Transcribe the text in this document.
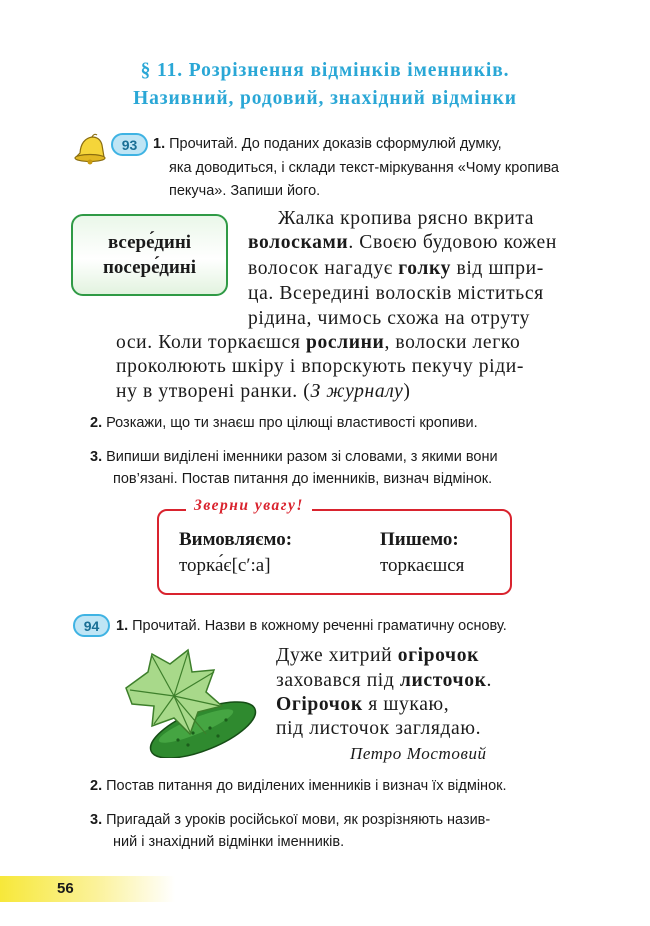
§ 11. Розрізнення відмінків іменників.
Називний, родовий, знахідний відмінки
93	1. Прочитай. До поданих доказів сформулюй думку,
яка доводиться, і склади текст-міркування «Чому кропива
пекуча». Запиши його.
всере́дині
посере́дині
Жалка кропива рясно вкрита
волосками. Своєю будовою кожен
волосок нагадує голку від шпри-
ца. Всередині волосків міститься
рідина, чимось схожа на отруту
оси. Коли торкаєшся рослини, волоски легко
проколюють шкіру і впорскують пекучу ріди-
ну в утворені ранки. (З журналу)
2. Розкажи, що ти знаєш про цілющі властивості кропиви.
3. Випиши виділені іменники разом зі словами, з якими вони
пов’язані. Постав питання до іменників, визнач відмінок.
Зверни увагу!
Вимовляємо:
торка́є[с′:а]
Пишемо:
торкаєшся
94	1. Прочитай. Назви в кожному реченні граматичну основу.
Дуже хитрий огірочок
заховався під листочок.
Огірочок я шукаю,
під листочок заглядаю.
Петро Мостовий
2. Постав питання до виділених іменників і визнач їх відмінок.
3. Пригадай з уроків російської мови, як розрізняють назив-
ний і знахідний відмінки іменників.
56
